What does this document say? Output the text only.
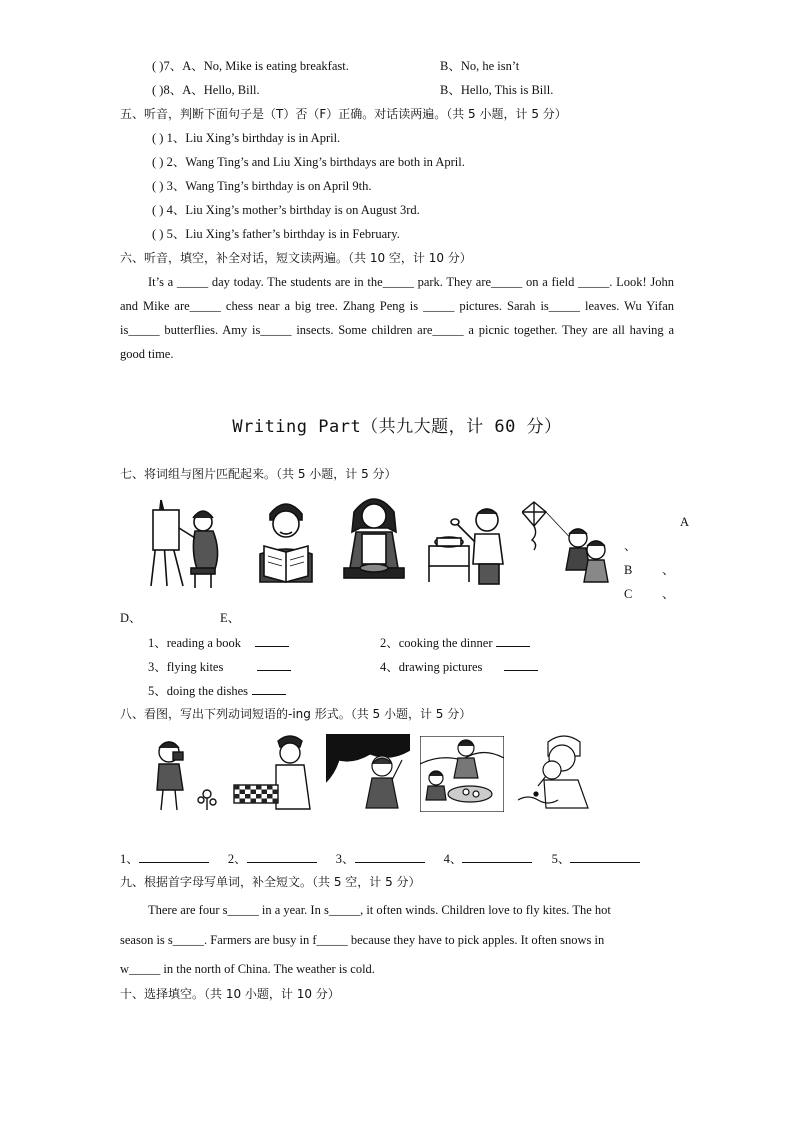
( )7、A、No, Mike is eating breakfast.	B、No, he isn’t
( )8、A、Hello, Bill.	B、Hello, This is Bill.
五、听音，判断下面句子是（T）否（F）正确。对话读两遍。（共 5 小题，计 5 分）
( ) 1、Liu Xing’s birthday is in April.
( ) 2、Wang Ting’s and Liu Xing’s birthdays are both in April.
( ) 3、Wang Ting’s birthday is on April 9th.
( ) 4、Liu Xing’s mother’s birthday is on August 3rd.
( ) 5、Liu Xing’s father’s birthday is in February.
六、听音，填空，补全对话，短文读两遍。（共 10 空，计 10 分）

It’s a _____ day today. The students are in the_____ park. They are_____ on a field _____. Look! John and Mike are_____ chess near a big tree. Zhang Peng is _____ pictures. Sarah is_____ leaves. Wu Yifan is_____ butterflies. Amy is_____ insects. Some children are_____ a picnic together. They are all having a good time.

Writing Part（共九大题，计 60 分）
七、将词组与图片匹配起来。（共 5 小题，计 5 分）
A
、
B 、
C 、
D、	E、
1、reading a book	2、cooking the dinner
3、flying kites	4、drawing pictures
5、doing the dishes
八、看图，写出下列动词短语的-ing 形式。（共 5 小题，计 5 分）
1、	2、	3、	4、	5、
九、根据首字母写单词，补全短文。（共 5 空，计 5 分）
There are four s_____ in a year. In s_____, it often winds. Children love to fly kites. The hot
season is s_____. Farmers are busy in f_____ because they have to pick apples. It often snows in
w_____ in the north of China. The weather is cold.
十、选择填空。（共 10 小题，计 10 分）
